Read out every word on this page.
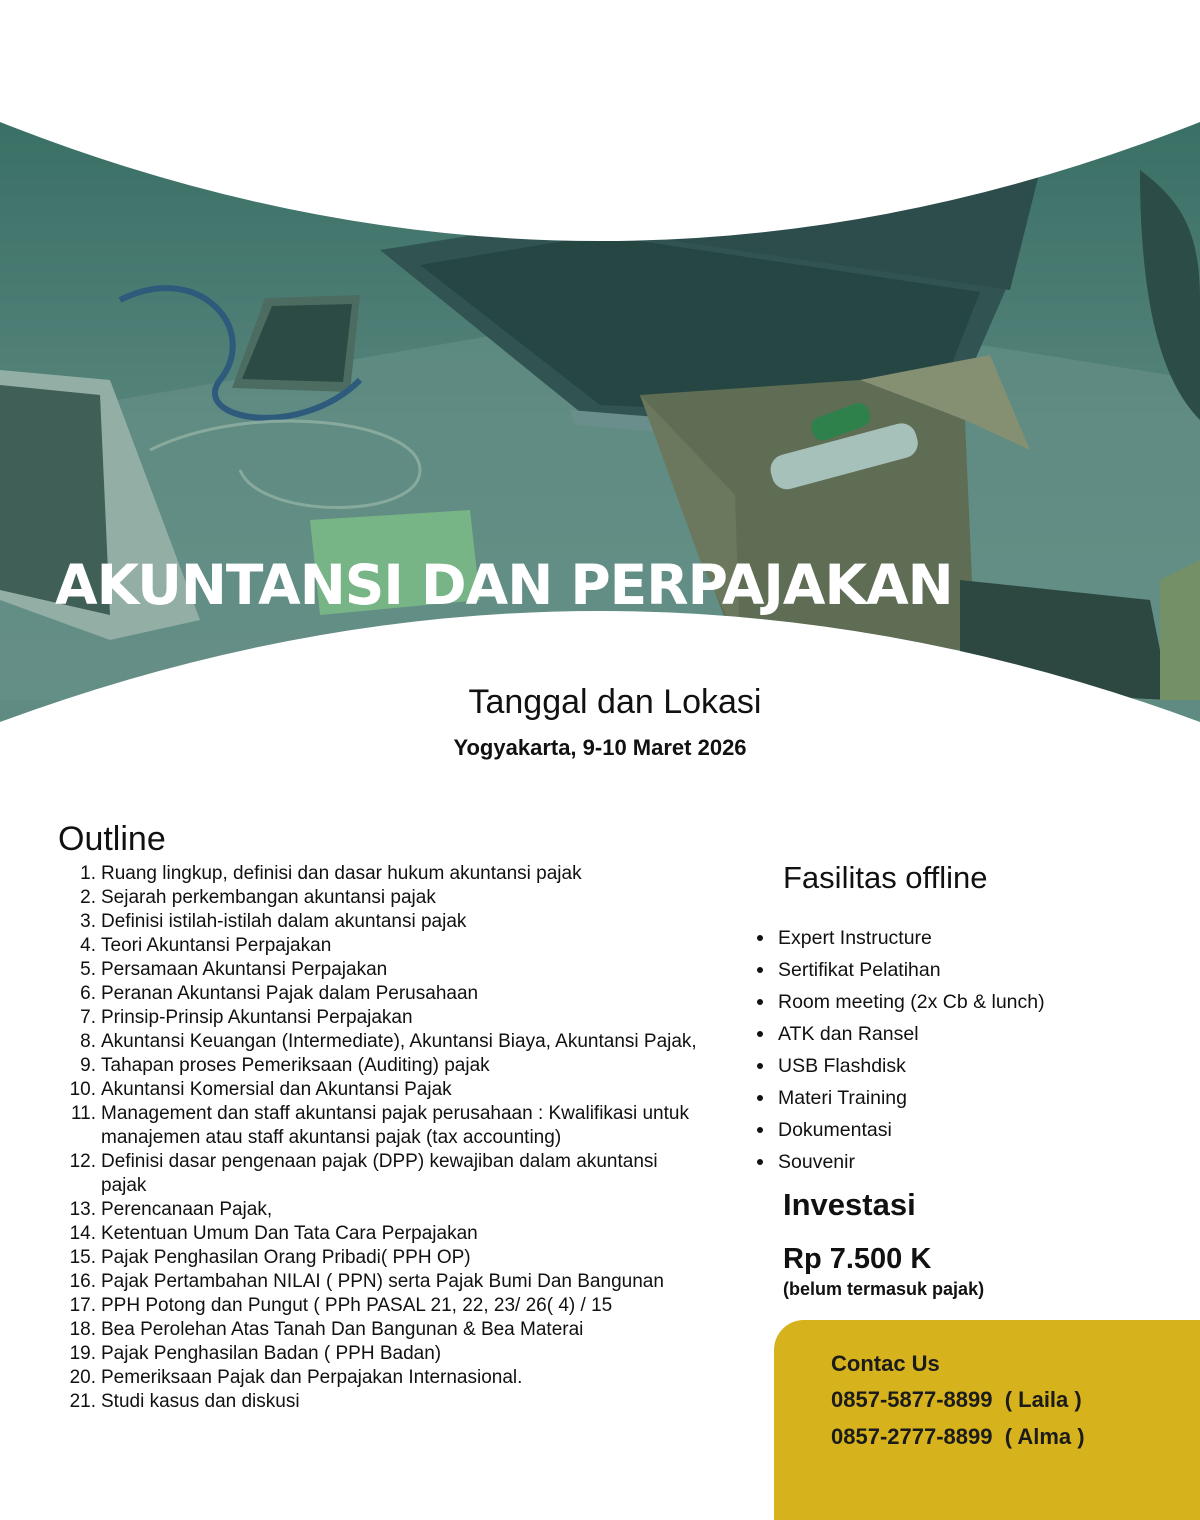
AKUNTANSI DAN PERPAJAKAN
Tanggal dan Lokasi

Yogyakarta, 9-10 Maret 2026

Outline
1. Ruang lingkup, definisi dan dasar hukum akuntansi pajak
2. Sejarah perkembangan akuntansi pajak
3. Definisi istilah-istilah dalam akuntansi pajak
4. Teori Akuntansi Perpajakan
5. Persamaan Akuntansi Perpajakan
6. Peranan Akuntansi Pajak dalam Perusahaan
7. Prinsip-Prinsip Akuntansi Perpajakan
8. Akuntansi Keuangan (Intermediate), Akuntansi Biaya, Akuntansi Pajak,
9. Tahapan proses Pemeriksaan (Auditing) pajak
10. Akuntansi Komersial dan Akuntansi Pajak
11. Management dan staff akuntansi pajak perusahaan : Kwalifikasi untuk manajemen atau staff akuntansi pajak (tax accounting)
12. Definisi dasar pengenaan pajak (DPP) kewajiban dalam akuntansi pajak
13. Perencanaan Pajak,
14. Ketentuan Umum Dan Tata Cara Perpajakan
15. Pajak Penghasilan Orang Pribadi( PPH OP)
16. Pajak Pertambahan NILAI ( PPN) serta Pajak Bumi Dan Bangunan
17. PPH Potong dan Pungut ( PPh PASAL 21, 22, 23/ 26( 4) / 15
18. Bea Perolehan Atas Tanah Dan Bangunan & Bea Materai
19. Pajak Penghasilan Badan ( PPH Badan)
20. Pemeriksaan Pajak dan Perpajakan Internasional.
21. Studi kasus dan diskusi
Fasilitas offline
Expert Instructure
Sertifikat Pelatihan
Room meeting (2x Cb & lunch)
ATK dan Ransel
USB Flashdisk
Materi Training
Dokumentasi
Souvenir
Investasi

Rp 7.500 K

(belum termasuk pajak)

Contac Us

0857-5877-8899  ( Laila )

0857-2777-8899  ( Alma )
